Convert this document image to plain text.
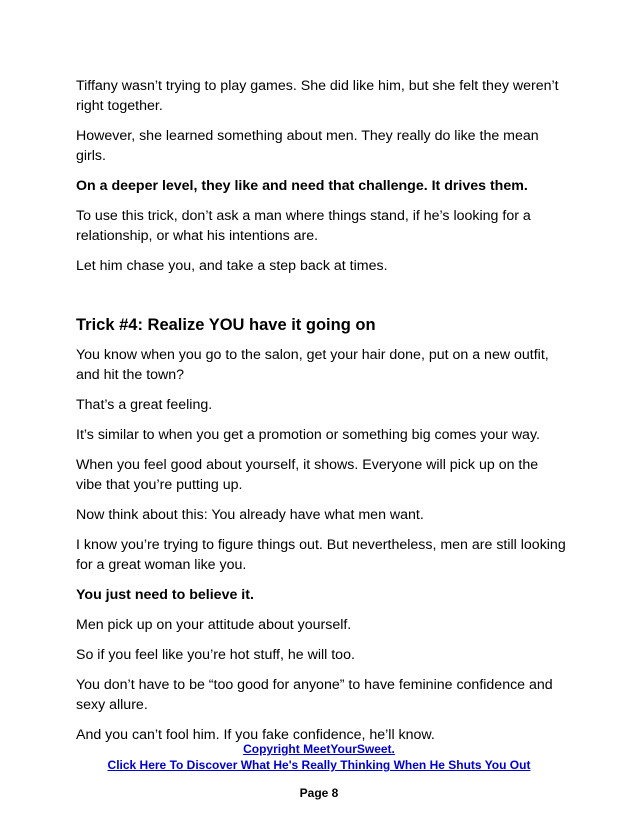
Tiffany wasn’t trying to play games. She did like him, but she felt they weren’t right together.

However, she learned something about men. They really do like the mean girls.

On a deeper level, they like and need that challenge. It drives them.

To use this trick, don’t ask a man where things stand, if he’s looking for a relationship, or what his intentions are.

Let him chase you, and take a step back at times.

Trick #4: Realize YOU have it going on

You know when you go to the salon, get your hair done, put on a new outfit, and hit the town?

That’s a great feeling.

It’s similar to when you get a promotion or something big comes your way.

When you feel good about yourself, it shows. Everyone will pick up on the vibe that you’re putting up.

Now think about this: You already have what men want.

I know you’re trying to figure things out. But nevertheless, men are still looking for a great woman like you.

You just need to believe it.

Men pick up on your attitude about yourself.

So if you feel like you’re hot stuff, he will too.

You don’t have to be “too good for anyone” to have feminine confidence and sexy allure.

And you can’t fool him. If you fake confidence, he’ll know.

Copyright MeetYourSweet.
Click Here To Discover What He's Really Thinking When He Shuts You Out
Page 8
